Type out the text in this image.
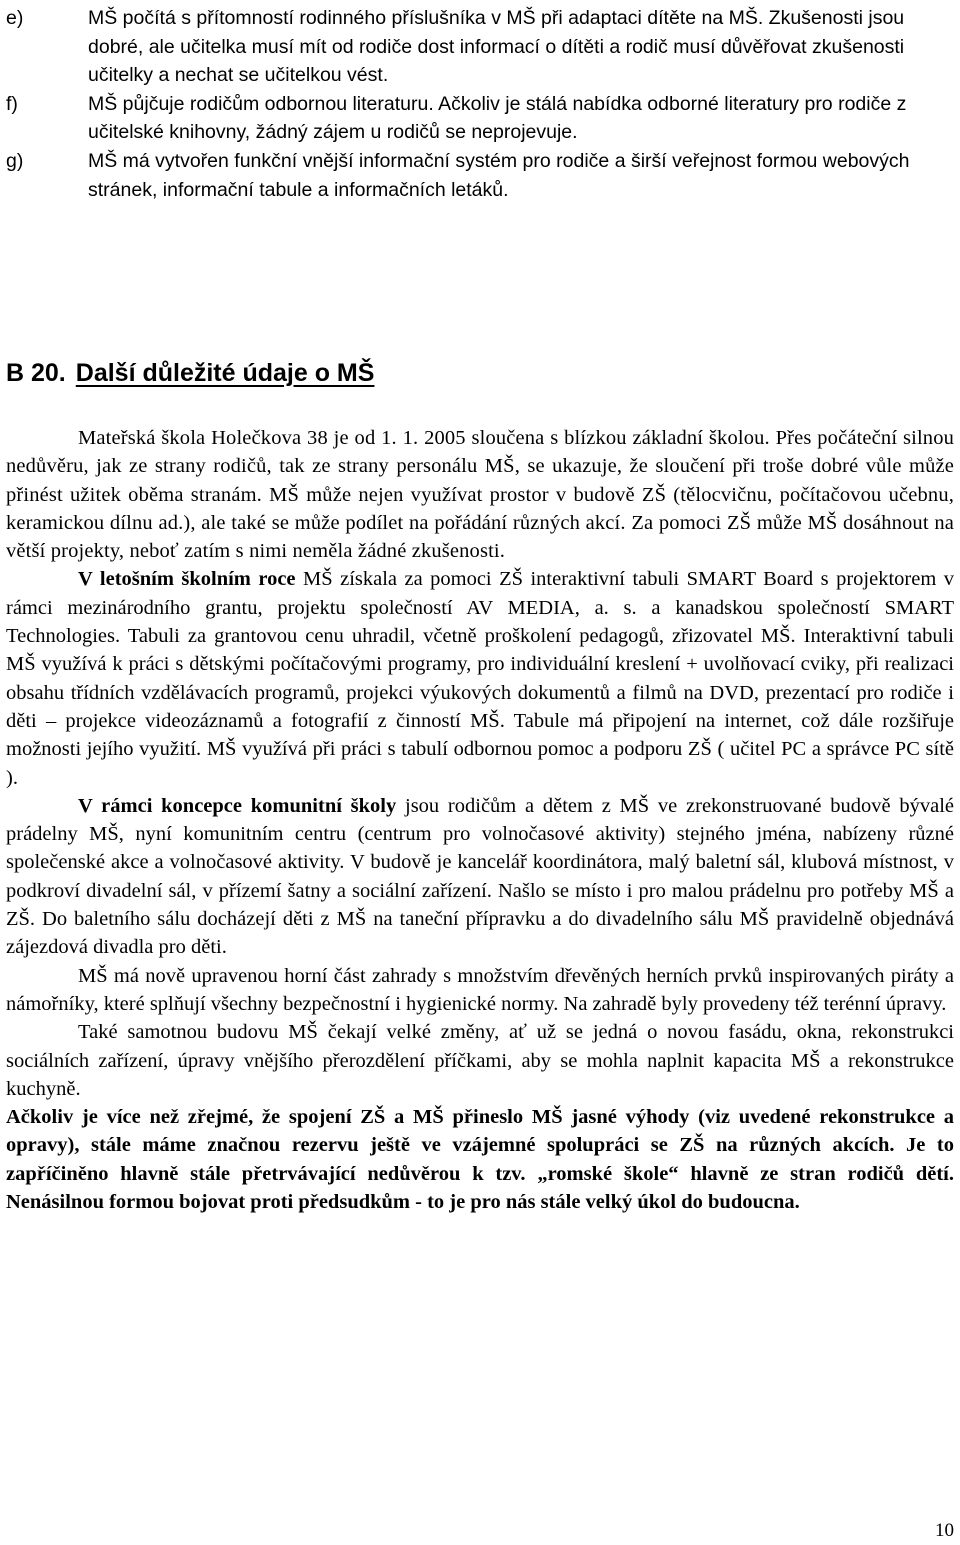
e)	MŠ počítá s přítomností rodinného příslušníka v MŠ při adaptaci dítěte na MŠ. Zkušenosti jsou dobré, ale učitelka musí mít od rodiče dost informací o dítěti a rodič musí důvěřovat zkušenosti učitelky a nechat se učitelkou vést.
f)	MŠ půjčuje rodičům odbornou literaturu. Ačkoliv je stálá nabídka odborné literatury pro rodiče z učitelské knihovny, žádný zájem u rodičů se neprojevuje.
g)	MŠ má vytvořen funkční vnější informační systém pro rodiče a širší veřejnost formou webových stránek, informační tabule a informačních letáků.
B 20. Další důležité údaje o MŠ

Mateřská škola Holečkova 38 je od 1. 1. 2005 sloučena s blízkou základní školou. Přes počáteční silnou nedůvěru, jak ze strany rodičů, tak ze strany personálu MŠ, se ukazuje, že sloučení při troše dobré vůle může přinést užitek oběma stranám. MŠ může nejen využívat prostor v budově ZŠ (tělocvičnu, počítačovou učebnu, keramickou dílnu ad.), ale také se může podílet na pořádání různých akcí. Za pomoci ZŠ může MŠ dosáhnout na větší projekty, neboť zatím s nimi neměla žádné zkušenosti.

V letošním školním roce MŠ získala za pomoci ZŠ interaktivní tabuli SMART Board s projektorem v rámci mezinárodního grantu, projektu společností AV MEDIA, a. s. a kanadskou společností SMART Technologies. Tabuli za grantovou cenu uhradil, včetně proškolení pedagogů, zřizovatel MŠ. Interaktivní tabuli MŠ využívá k práci s dětskými počítačovými programy, pro individuální kreslení + uvolňovací cviky, při realizaci obsahu třídních vzdělávacích programů, projekci výukových dokumentů a filmů na DVD, prezentací pro rodiče i děti – projekce videozáznamů a fotografií z činností MŠ. Tabule má připojení na internet, což dále rozšiřuje možnosti jejího využití. MŠ využívá při práci s tabulí odbornou pomoc a podporu ZŠ ( učitel PC a správce PC sítě ).

V rámci koncepce komunitní školy jsou rodičům a dětem z MŠ ve zrekonstruované budově bývalé prádelny MŠ, nyní komunitním centru (centrum pro volnočasové aktivity) stejného jména, nabízeny různé společenské akce a volnočasové aktivity. V budově je kancelář koordinátora, malý baletní sál, klubová místnost, v podkroví divadelní sál, v přízemí šatny a sociální zařízení. Našlo se místo i pro malou prádelnu pro potřeby MŠ a ZŠ. Do baletního sálu docházejí děti z MŠ na taneční přípravku a do divadelního sálu MŠ pravidelně objednává zájezdová divadla pro děti.

MŠ má nově upravenou horní část zahrady s množstvím dřevěných herních prvků inspirovaných piráty a námořníky, které splňují všechny bezpečnostní i hygienické normy. Na zahradě byly provedeny též terénní úpravy.

Také samotnou budovu MŠ čekají velké změny, ať už se jedná o novou fasádu, okna, rekonstrukci sociálních zařízení, úpravy vnějšího přerozdělení příčkami, aby se mohla naplnit kapacita MŠ a rekonstrukce kuchyně.

Ačkoliv je více než zřejmé, že spojení ZŠ a MŠ přineslo MŠ jasné výhody (viz uvedené rekonstrukce a opravy), stále máme značnou rezervu ještě ve vzájemné spolupráci se ZŠ na různých akcích. Je to zapříčiněno hlavně stále přetrvávající nedůvěrou k tzv. „romské škole“ hlavně ze stran rodičů dětí. Nenásilnou formou bojovat proti předsudkům - to je pro nás stále velký úkol do budoucna.

10
